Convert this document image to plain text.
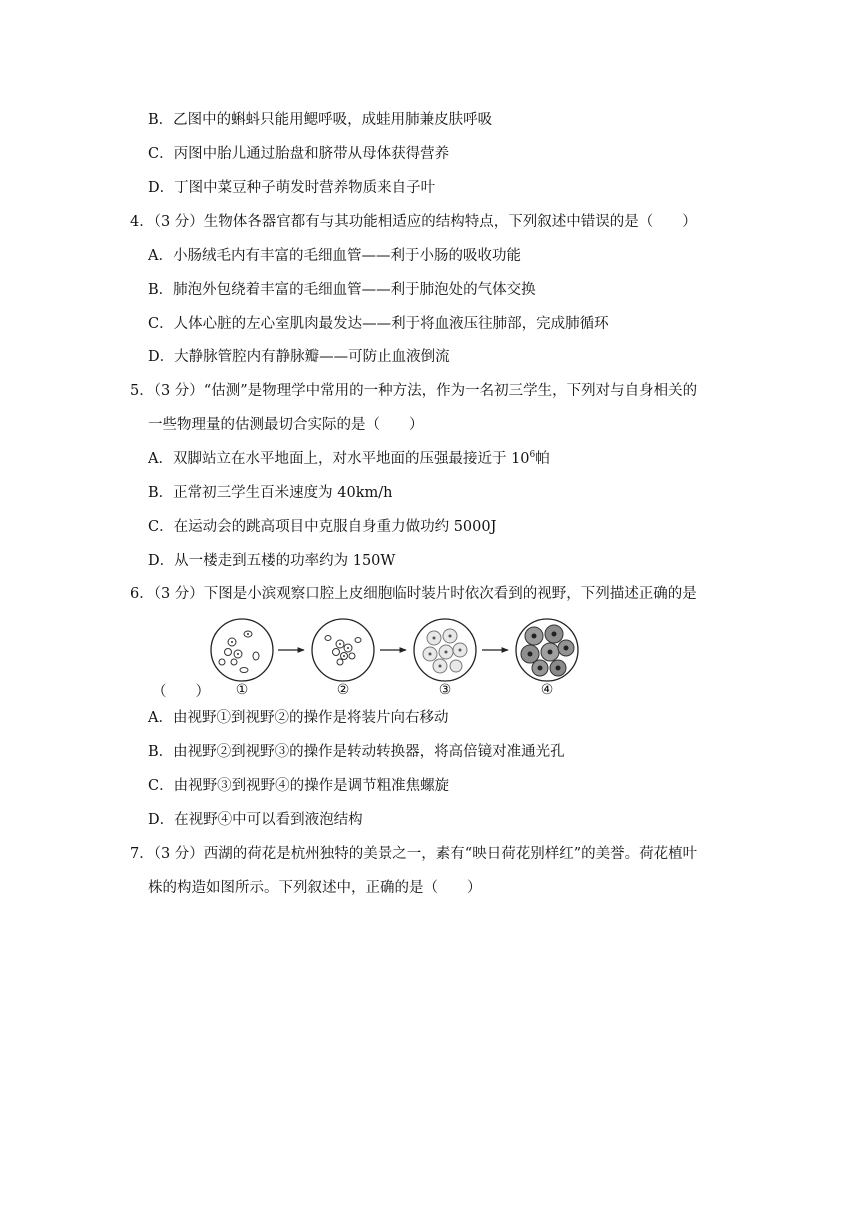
B．乙图中的蝌蚪只能用鳃呼吸，成蛙用肺兼皮肤呼吸
C．丙图中胎儿通过胎盘和脐带从母体获得营养
D．丁图中菜豆种子萌发时营养物质来自子叶
4．（3 分）生物体各器官都有与其功能相适应的结构特点，下列叙述中错误的是（　　）
A．小肠绒毛内有丰富的毛细血管——利于小肠的吸收功能
B．肺泡外包绕着丰富的毛细血管——利于肺泡处的气体交换
C．人体心脏的左心室肌肉最发达——利于将血液压往肺部，完成肺循环
D．大静脉管腔内有静脉瓣——可防止血液倒流
5．（3 分）“估测”是物理学中常用的一种方法，作为一名初三学生，下列对与自身相关的
一些物理量的估测最切合实际的是（　　）
A．双脚站立在水平地面上，对水平地面的压强最接近于 $10^6$帕
B．正常初三学生百米速度为 40km/h
C．在运动会的跳高项目中克服自身重力做功约 5000J
D．从一楼走到五楼的功率约为 150W
6．（3 分）下图是小滨观察口腔上皮细胞临时装片时依次看到的视野，下列描述正确的是
①	②	③	④
（　　）
A．由视野①到视野②的操作是将装片向右移动
B．由视野②到视野③的操作是转动转换器，将高倍镜对准通光孔
C．由视野③到视野④的操作是调节粗准焦螺旋
D．在视野④中可以看到液泡结构
7．（3 分）西湖的荷花是杭州独特的美景之一，素有“映日荷花别样红”的美誉。荷花植叶
株的构造如图所示。下列叙述中，正确的是（　　）
